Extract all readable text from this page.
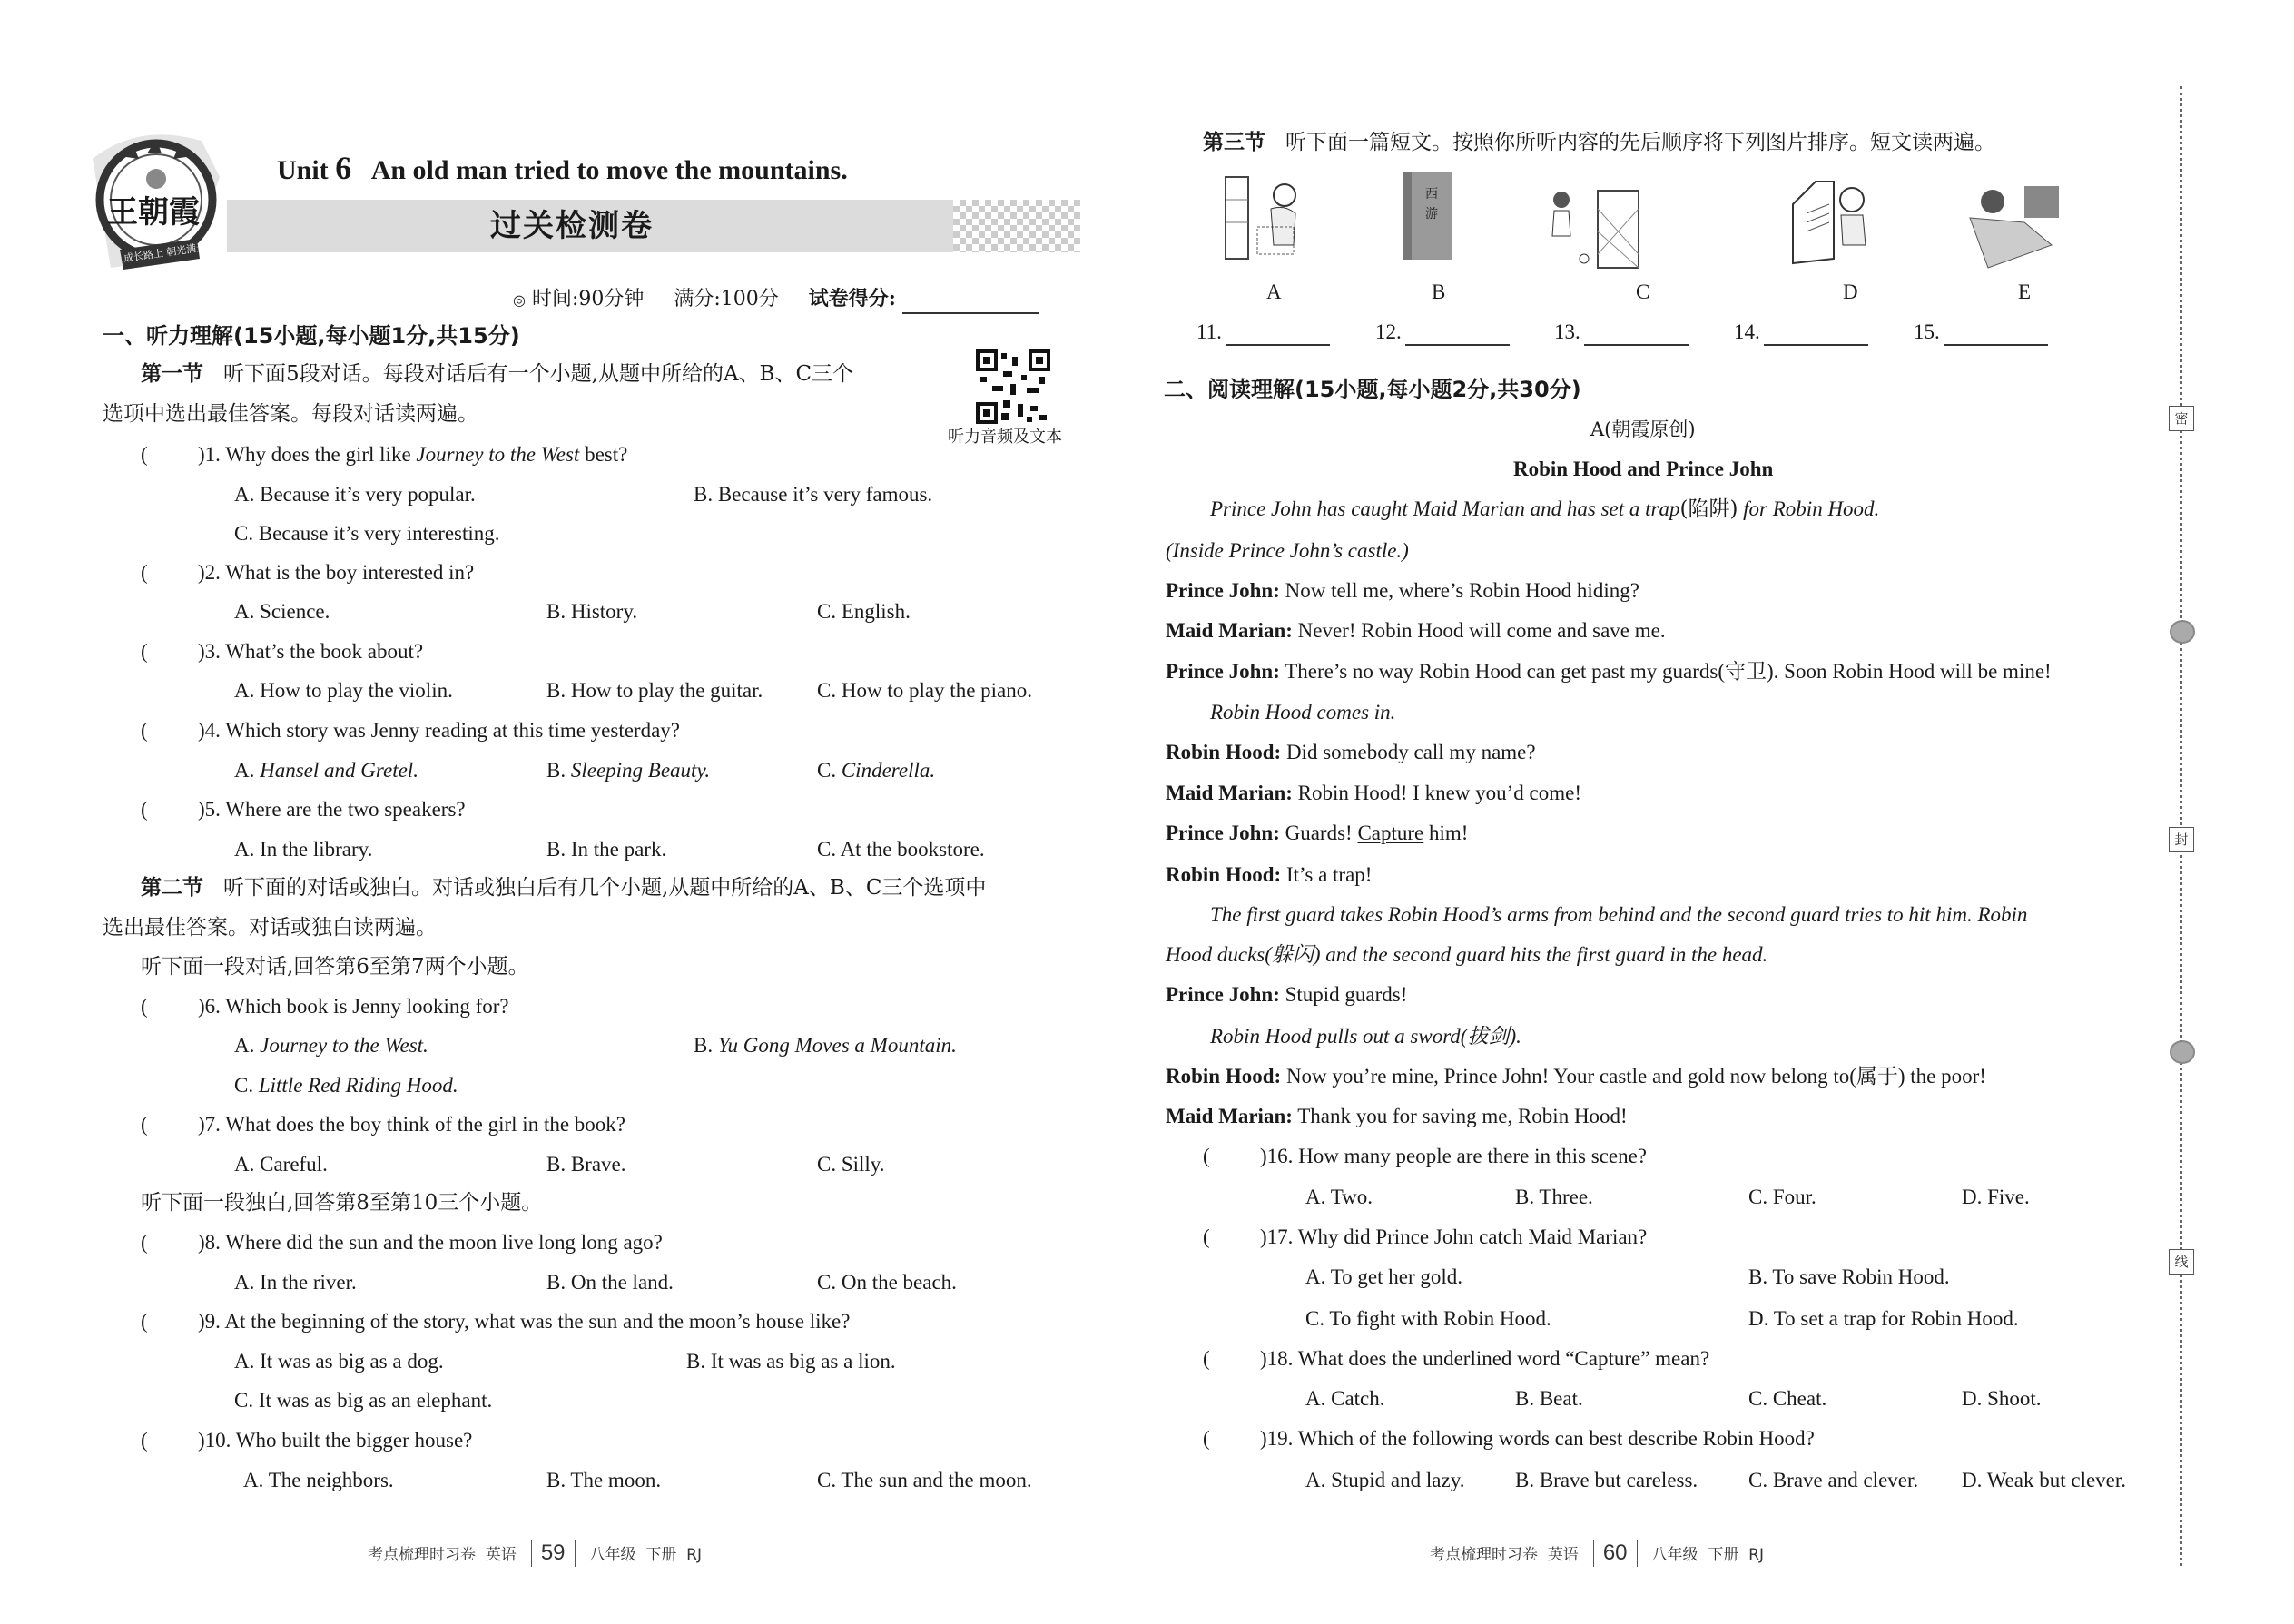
王朝霞
成长路上 朝光满天
Unit 6 An old man tried to move the mountains.
过关检测卷
◎ 时间:90分钟 满分:100分 试卷得分:
听力音频及文本
一、听力理解(15小题,每小题1分,共15分)
第一节 听下面5段对话。每段对话后有一个小题,从题中所给的A、B、C三个
选项中选出最佳答案。每段对话读两遍。
(	) 1. Why does the girl like Journey to the West best?
A. Because it’s very popular.	B. Because it’s very famous.
C. Because it’s very interesting.
(	) 2. What is the boy interested in?
A. Science.	B. History.	C. English.
(	) 3. What’s the book about?
A. How to play the violin.	B. How to play the guitar.	C. How to play the piano.
(	) 4. Which story was Jenny reading at this time yesterday?
A. Hansel and Gretel.	B. Sleeping Beauty.	C. Cinderella.
(	) 5. Where are the two speakers?
A. In the library.	B. In the park.	C. At the bookstore.
第二节 听下面的对话或独白。对话或独白后有几个小题,从题中所给的A、B、C三个选项中
选出最佳答案。对话或独白读两遍。
听下面一段对话,回答第6至第7两个小题。
(	) 6. Which book is Jenny looking for?
A. Journey to the West.	B. Yu Gong Moves a Mountain.
C. Little Red Riding Hood.
(	) 7. What does the boy think of the girl in the book?
A. Careful.	B. Brave.	C. Silly.
听下面一段独白,回答第8至第10三个小题。
(	) 8. Where did the sun and the moon live long long ago?
A. In the river.	B. On the land.	C. On the beach.
(	) 9. At the beginning of the story, what was the sun and the moon’s house like?
A. It was as big as a dog.	B. It was as big as a lion.
C. It was as big as an elephant.
(	) 10. Who built the bigger house?
A. The neighbors.	B. The moon.	C. The sun and the moon.
考点梳理时习卷 英语 59 八年级 下册 RJ
第三节 听下面一篇短文。按照你所听内容的先后顺序将下列图片排序。短文读两遍。
西
游
A	B	C	D	E
11.	12.	13.	14.	15.
二、阅读理解(15小题,每小题2分,共30分)
A(朝霞原创)
Robin Hood and Prince John
Prince John has caught Maid Marian and has set a trap(陷阱) for Robin Hood.
(Inside Prince John’s castle.)
Prince John: Now tell me, where’s Robin Hood hiding?
Maid Marian: Never! Robin Hood will come and save me.
Prince John: There’s no way Robin Hood can get past my guards(守卫). Soon Robin Hood will be mine!
Robin Hood comes in.
Robin Hood: Did somebody call my name?
Maid Marian: Robin Hood! I knew you’d come!
Prince John: Guards! Capture him!
Robin Hood: It’s a trap!
The first guard takes Robin Hood’s arms from behind and the second guard tries to hit him. Robin
Hood ducks(躲闪) and the second guard hits the first guard in the head.
Prince John: Stupid guards!
Robin Hood pulls out a sword(拔剑).
Robin Hood: Now you’re mine, Prince John! Your castle and gold now belong to(属于) the poor!
Maid Marian: Thank you for saving me, Robin Hood!
(	) 16. How many people are there in this scene?
A. Two.	B. Three.	C. Four.	D. Five.
(	) 17. Why did Prince John catch Maid Marian?
A. To get her gold.	B. To save Robin Hood.
C. To fight with Robin Hood.	D. To set a trap for Robin Hood.
(	) 18. What does the underlined word “Capture” mean?
A. Catch.	B. Beat.	C. Cheat.	D. Shoot.
(	) 19. Which of the following words can best describe Robin Hood?
A. Stupid and lazy. B. Brave but careless. C. Brave and clever. D. Weak but clever.
考点梳理时习卷 英语 60 八年级 下册 RJ
密
封
线
